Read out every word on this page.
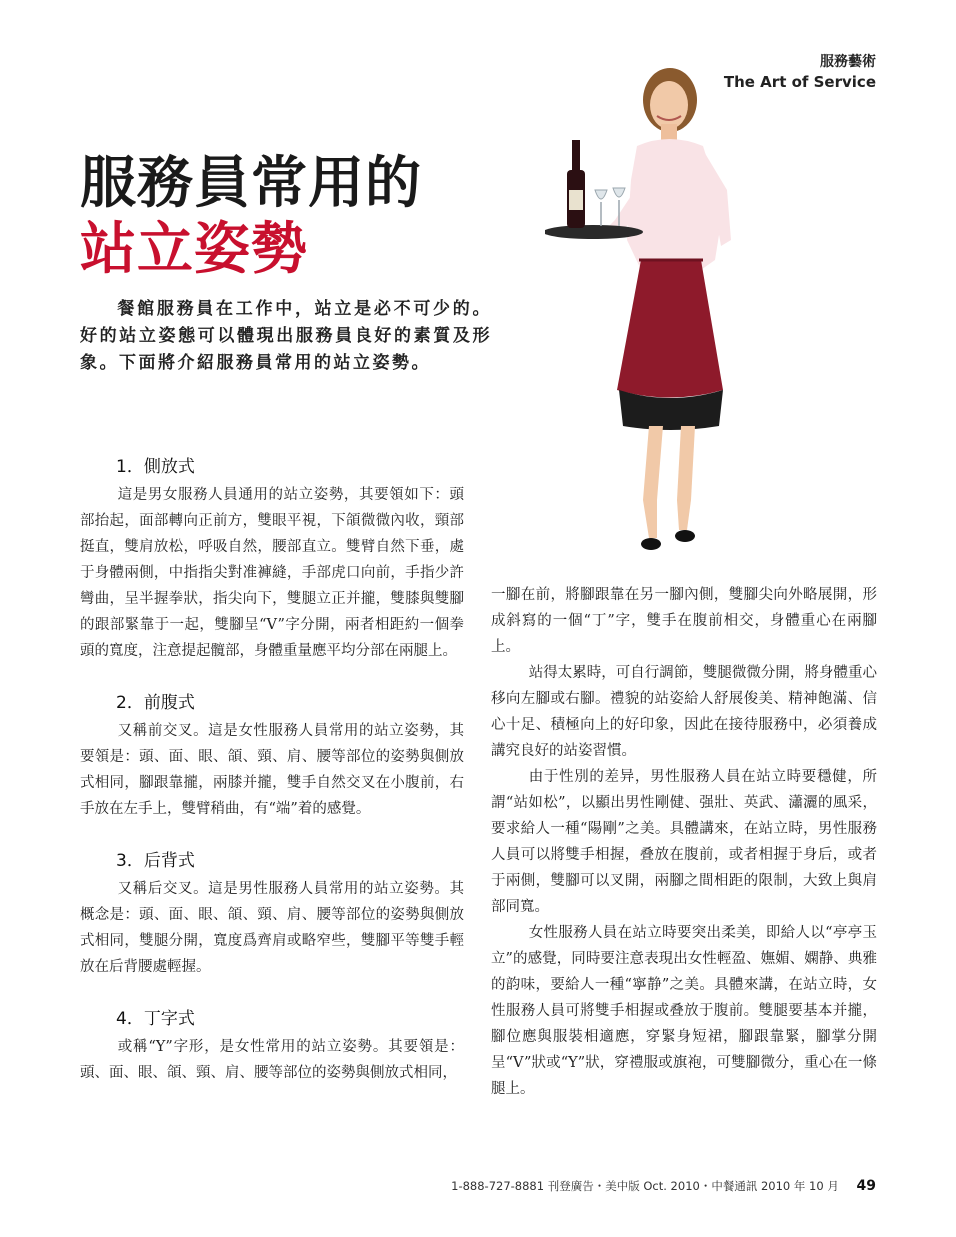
服務藝術
The Art of Service
服務員常用的
站立姿勢

餐館服務員在工作中，站立是必不可少的。好的站立姿態可以體現出服務員良好的素質及形象。下面將介紹服務員常用的站立姿勢。

1．側放式

這是男女服務人員通用的站立姿勢，其要領如下：頭部抬起，面部轉向正前方，雙眼平視，下頜微微內收，頸部挺直，雙肩放松，呼吸自然，腰部直立。雙臂自然下垂，處于身體兩側，中指指尖對准褲縫，手部虎口向前，手指少許彎曲，呈半握拳狀，指尖向下，雙腿立正并攏，雙膝與雙腳的跟部緊靠于一起，雙腳呈“V”字分開，兩者相距約一個拳頭的寬度，注意提起髖部，身體重量應平均分部在兩腿上。

2．前腹式

又稱前交叉。這是女性服務人員常用的站立姿勢，其要領是：頭、面、眼、頜、頸、肩、腰等部位的姿勢與側放式相同，腳跟靠攏，兩膝并攏，雙手自然交叉在小腹前，右手放在左手上，雙臂稍曲，有“端”着的感覺。

3．后背式

又稱后交叉。這是男性服務人員常用的站立姿勢。其概念是：頭、面、眼、頜、頸、肩、腰等部位的姿勢與側放式相同，雙腿分開，寬度爲齊肩或略窄些，雙腳平等雙手輕放在后背腰處輕握。

4．丁字式

或稱“Y”字形，是女性常用的站立姿勢。其要領是：頭、面、眼、頜、頸、肩、腰等部位的姿勢與側放式相同，

一腳在前，將腳跟靠在另一腳內側，雙腳尖向外略展開，形成斜寫的一個“丁”字，雙手在腹前相交，身體重心在兩腳上。

站得太累時，可自行調節，雙腿微微分開，將身體重心移向左腳或右腳。禮貌的站姿給人舒展俊美、精神飽滿、信心十足、積極向上的好印象，因此在接待服務中，必須養成講究良好的站姿習慣。

由于性別的差异，男性服務人員在站立時要穩健，所謂“站如松”，以顯出男性剛健、强壯、英武、瀟灑的風采，要求給人一種“陽剛”之美。具體講來，在站立時，男性服務人員可以將雙手相握，叠放在腹前，或者相握于身后，或者于兩側，雙腳可以叉開，兩腳之間相距的限制，大致上與肩部同寬。

女性服務人員在站立時要突出柔美，即給人以“亭亭玉立”的感覺，同時要注意表現出女性輕盈、嫵媚、嫻静、典雅的韵味，要給人一種“寧静”之美。具體來講，在站立時，女性服務人員可將雙手相握或叠放于腹前。雙腿要基本并攏，腳位應與服裝相適應，穿緊身短裙，腳跟靠緊，腳掌分開呈“V”狀或“Y”狀，穿禮服或旗袍，可雙腳微分，重心在一條腿上。

1-888-727-8881 刊登廣告・美中版 Oct. 2010・中餐通訊 2010 年 10 月 49
